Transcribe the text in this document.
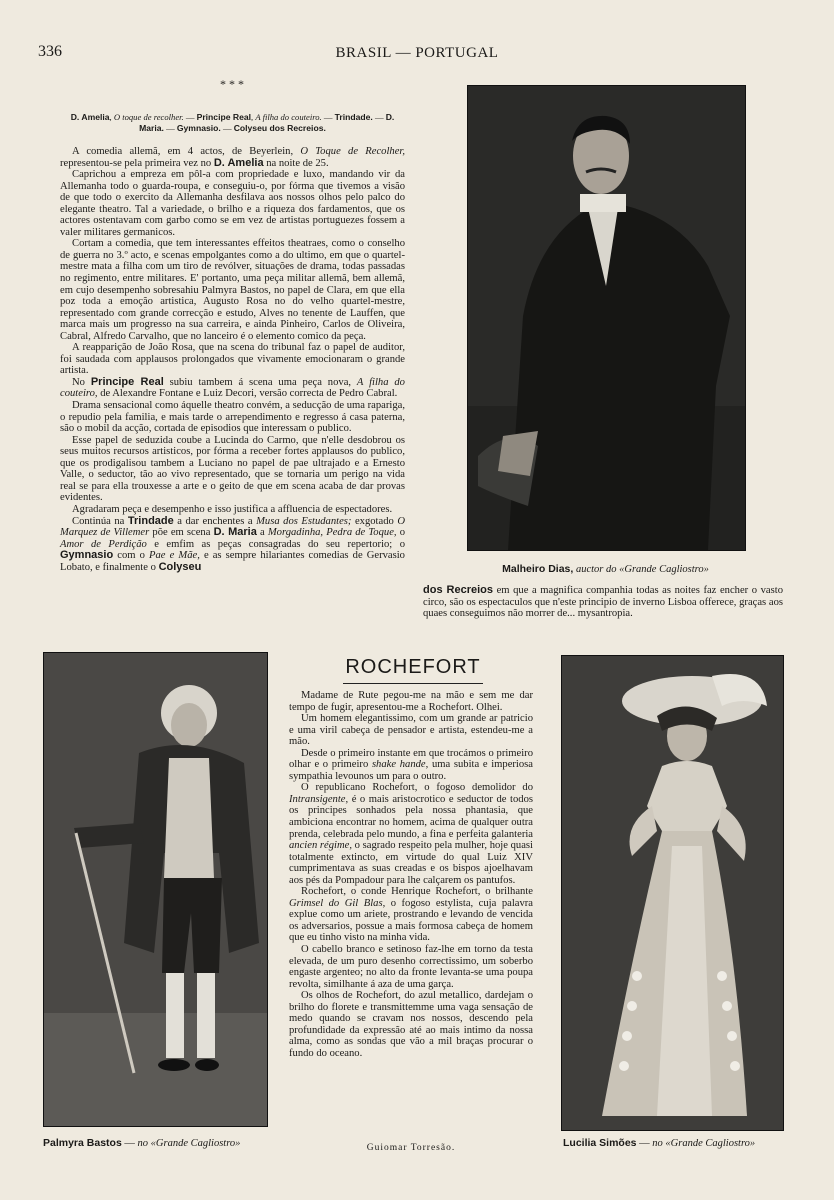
336	BRASIL — PORTUGAL
* * *
D. Amelia, O toque de recolher. — Principe Real, A filha do couteiro. — Trindade. — D. Maria. — Gymnasio. — Colyseu dos Recreios.

A comedia allemã, em 4 actos, de Beyerlein, O Toque de Recolher, representou-se pela primeira vez no D. Amelia na noite de 25.

Caprichou a empreza em pôl-a com propriedade e luxo, mandando vir da Allemanha todo o guarda-roupa, e conseguiu-o, por fórma que tivemos a visão de que todo o exercito da Allemanha desfilava aos nossos olhos pelo palco do elegante theatro. Tal a variedade, o brilho e a riqueza dos fardamentos, que os actores ostentavam com garbo como se em vez de artistas portuguezes fossem a valer militares germanicos.

Cortam a comedia, que tem interessantes effeitos theatraes, como o conselho de guerra no 3.º acto, e scenas empolgantes como a do ultimo, em que o quartel-mestre mata a filha com um tiro de revólver, situações de drama, todas passadas no regimento, entre militares. E' portanto, uma peça militar allemã, bem allemã, em cujo desempenho sobresahiu Palmyra Bastos, no papel de Clara, em que ella poz toda a emoção artistica, Augusto Rosa no do velho quartel-mestre, representado com grande correcção e estudo, Alves no tenente de Lauffen, que marca mais um progresso na sua carreira, e ainda Pinheiro, Carlos de Oliveira, Cabral, Alfredo Carvalho, que no lanceiro é o elemento comico da peça.

A reapparição de João Rosa, que na scena do tribunal faz o papel de auditor, foi saudada com applausos prolongados que vivamente emocionaram o grande artista.

No Principe Real subiu tambem á scena uma peça nova, A filha do couteiro, de Alexandre Fontane e Luiz Decori, versão correcta de Pedro Cabral.

Drama sensacional como áquelle theatro convém, a seducção de uma rapariga, o repudio pela familia, e mais tarde o arrependimento e regresso á casa paterna, são o mobil da acção, cortada de episodios que interessam o publico.

Esse papel de seduzida coube a Lucinda do Carmo, que n'elle desdobrou os seus muitos recursos artisticos, por fórma a receber fortes applausos do publico, que os prodigalisou tambem a Luciano no papel de pae ultrajado e a Ernesto Valle, o seductor, tão ao vivo representado, que se tornaria um perigo na vida real se para ella trouxesse a arte e o geito de que em scena acaba de dar provas evidentes.

Agradaram peça e desempenho e isso justifica a affluencia de espectadores.

Continúa na Trindade a dar enchentes a Musa dos Estudantes; exgotado O Marquez de Villemer põe em scena D. Maria a Morgadinha, Pedra de Toque, o Amor de Perdição e emfim as peças consagradas do seu repertorio; o Gymnasio com o Pae e Mãe, e as sempre hilariantes comedias de Gervasio Lobato, e finalmente o Colyseu	Malheiro Dias, auctor do «Grande Cagliostro»

dos Recreios em que a magnifica companhia todas as noites faz encher o vasto circo, são os espectaculos que n'este principio de inverno Lisboa offerece, graças aos quaes conseguimos não morrer de... mysantropia.

Palmyra Bastos — no «Grande Cagliostro»
ROCHEFORT

Madame de Rute pegou-me na mão e sem me dar tempo de fugir, apresentou-me a Rochefort. Olhei.

Um homem elegantissimo, com um grande ar patricio e uma viril cabeça de pensador e artista, estendeu-me a mão.

Desde o primeiro instante em que trocámos o primeiro olhar e o primeiro shake hande, uma subita e imperiosa sympathia levounos um para o outro.

O republicano Rochefort, o fogoso demolidor do Intransigente, é o mais aristocrotico e seductor de todos os principes sonhados pela nossa phantasia, que ambiciona encontrar no homem, acima de qualquer outra prenda, celebrada pelo mundo, a fina e perfeita galanteria ancien régime, o sagrado respeito pela mulher, hoje quasi totalmente extincto, em virtude do qual Luiz XIV cumprimentava as suas creadas e os bispos ajoelhavam aos pés da Pompadour para lhe calçarem os pantufos.

Rochefort, o conde Henrique Rochefort, o brilhante Grimsel do Gil Blas, o fogoso estylista, cuja palavra explue como um ariete, prostrando e levando de vencida os adversarios, possue a mais formosa cabeça de homem que eu tinho visto na minha vida.

O cabello branco e setinoso faz-lhe em torno da testa elevada, de um puro desenho correctissimo, um soberbo engaste argenteo; no alto da fronte levanta-se uma poupa revolta, similhante á aza de uma garça.

Os olhos de Rochefort, do azul metallico, dardejam o brilho do florete e transmittemme uma vaga sensação de medo quando se cravam nos nossos, descendo pela profundidade da expressão até ao mais intimo da nossa alma, como as sondas que vão a mil braças procurar o fundo do oceano.

Guiomar Torresão.	Lucilia Simões — no «Grande Cagliostro»
